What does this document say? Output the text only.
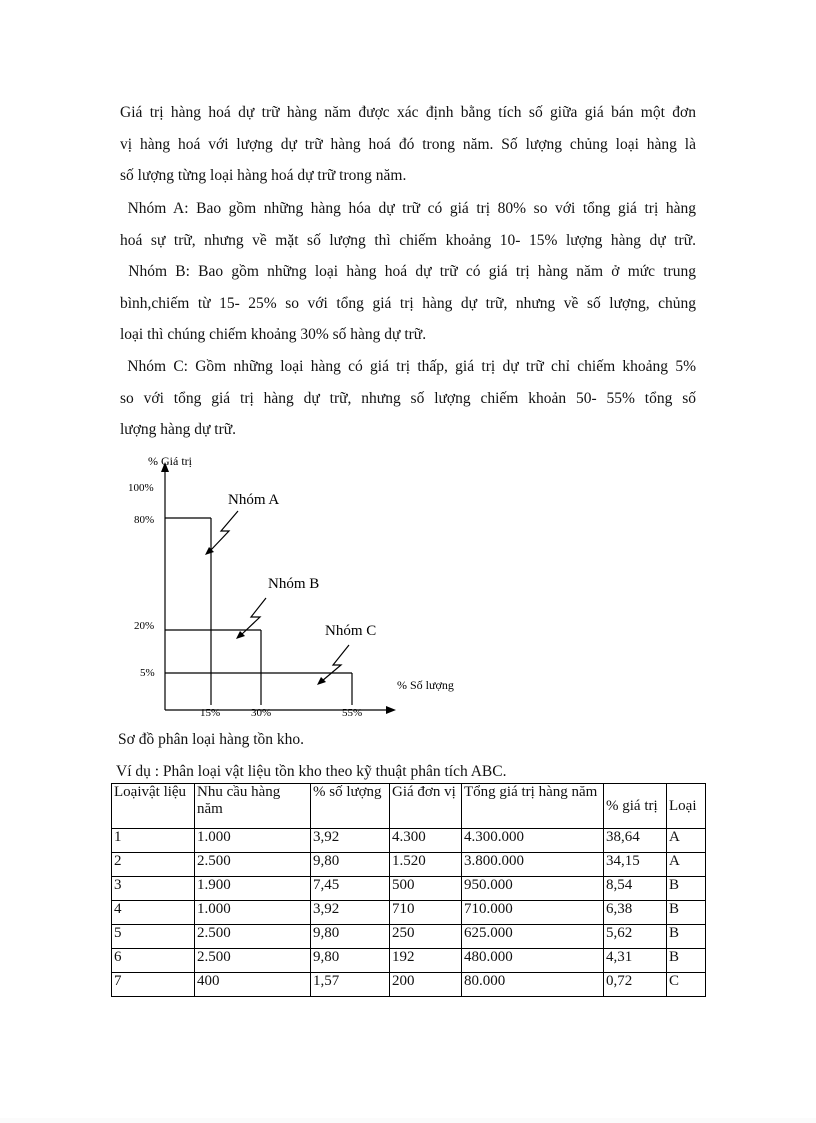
Giá trị hàng hoá dự trữ hàng năm được xác định bằng tích số giữa giá bán một đơn
vị hàng hoá với lượng dự trữ hàng hoá đó trong năm. Số lượng chủng loại hàng là
số lượng từng loại hàng hoá dự trữ trong năm.

Nhóm A: Bao gồm những hàng hóa dự trữ có giá trị 80% so với tổng giá trị hàng
hoá sự trữ, nhưng về mặt số lượng thì chiếm khoảng 10- 15% lượng hàng dự trữ.

Nhóm B: Bao gồm những loại hàng hoá dự trữ có giá trị hàng năm ở mức trung
bình,chiếm từ 15- 25% so với tổng giá trị hàng dự trữ, nhưng về số lượng, chủng
loại thì chúng chiếm khoảng 30% số hàng dự trữ.

Nhóm C: Gồm những loại hàng có giá trị thấp, giá trị dự trữ chỉ chiếm khoảng 5%
so với tổng giá trị hàng dự trữ, nhưng số lượng chiếm khoản 50- 55% tổng số
lượng hàng dự trữ.

% Giá trị
% Số lượng
100%
80%
20%
5%
15%	30%	55%
Nhóm A
Nhóm B
Nhóm C

Sơ đồ phân loại hàng tồn kho.

Ví dụ : Phân loại vật liệu tồn kho theo kỹ thuật phân tích ABC.

Loạivật liệu	Nhu cầu hàng năm	% số lượng	Giá đơn vị	Tổng giá trị hàng năm	% giá trị	Loại
1	1.000	3,92	4.300	4.300.000	38,64	A
2	2.500	9,80	1.520	3.800.000	34,15	A
3	1.900	7,45	500	950.000	8,54	B
4	1.000	3,92	710	710.000	6,38	B
5	2.500	9,80	250	625.000	5,62	B
6	2.500	9,80	192	480.000	4,31	B
7	400	1,57	200	80.000	0,72	C
